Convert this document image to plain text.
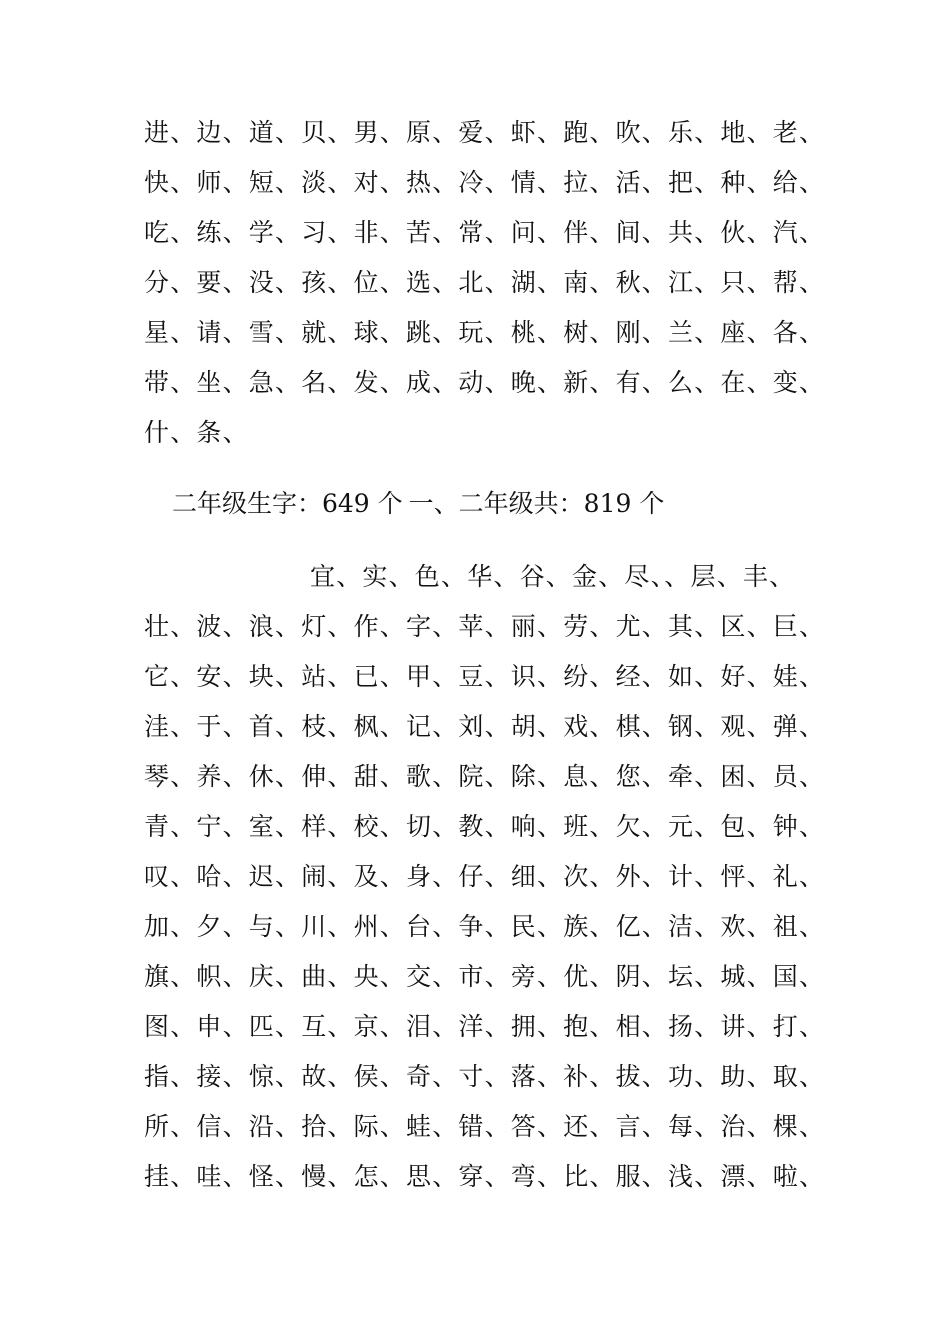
进、边、道、贝、男、原、爱、虾、跑、吹、乐、地、老、
快、师、短、淡、对、热、冷、情、拉、活、把、种、给、
吃、练、学、习、非、苦、常、问、伴、间、共、伙、汽、
分、要、没、孩、位、选、北、湖、南、秋、江、只、帮、
星、请、雪、就、球、跳、玩、桃、树、刚、兰、座、各、
带、坐、急、名、发、成、动、晚、新、有、么、在、变、
什、条、
二年级生字：649 个 一、二年级共：819 个
宜、实、色、华、谷、金、尽、、层、丰、
壮、波、浪、灯、作、字、苹、丽、劳、尤、其、区、巨、
它、安、块、站、已、甲、豆、识、纷、经、如、好、娃、
洼、于、首、枝、枫、记、刘、胡、戏、棋、钢、观、弹、
琴、养、休、伸、甜、歌、院、除、息、您、牵、困、员、
青、宁、室、样、校、切、教、响、班、欠、元、包、钟、
叹、哈、迟、闹、及、身、仔、细、次、外、计、怦、礼、
加、夕、与、川、州、台、争、民、族、亿、洁、欢、祖、
旗、帜、庆、曲、央、交、市、旁、优、阴、坛、城、国、
图、申、匹、互、京、泪、洋、拥、抱、相、扬、讲、打、
指、接、惊、故、侯、奇、寸、落、补、拔、功、助、取、
所、信、沿、拾、际、蛙、错、答、还、言、每、治、棵、
挂、哇、怪、慢、怎、思、穿、弯、比、服、浅、漂、啦、
